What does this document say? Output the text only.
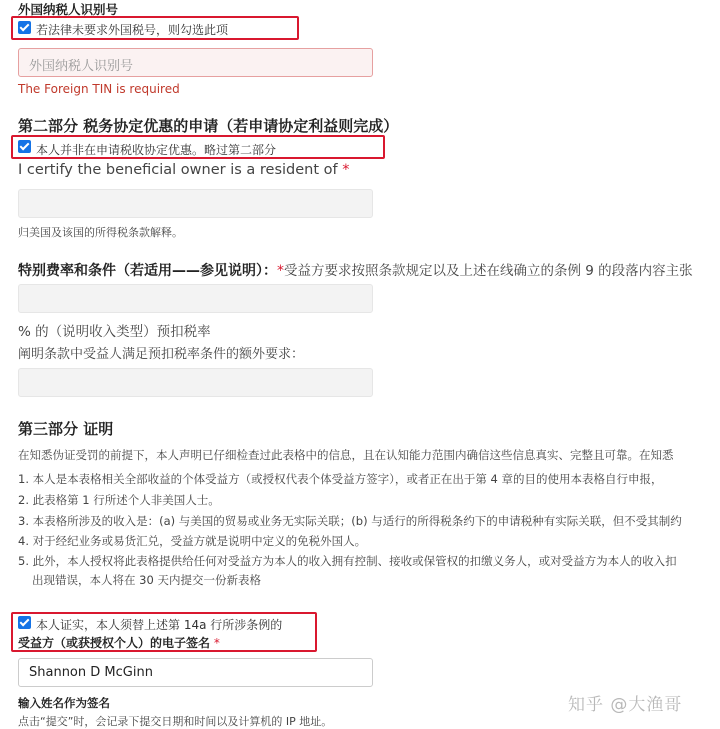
外国纳税人识别号
若法律未要求外国税号，则勾选此项
外国纳税人识别号
The Foreign TIN is required
第二部分 税务协定优惠的申请（若申请协定利益则完成）
本人并非在申请税收协定优惠。略过第二部分
I certify the beneficial owner is a resident of *
归美国及该国的所得税条款解释。
特别费率和条件（若适用——参见说明）：*受益方要求按照条款规定以及上述在线确立的条例 9 的段落内容主张
% 的（说明收入类型）预扣税率
阐明条款中受益人满足预扣税率条件的额外要求：
第三部分 证明
在知悉伪证受罚的前提下，本人声明已仔细检查过此表格中的信息，且在认知能力范围内确信这些信息真实、完整且可靠。在知悉
1. 本人是本表格相关全部收益的个体受益方（或授权代表个体受益方签字），或者正在出于第 4 章的目的使用本表格自行申报，
2. 此表格第 1 行所述个人非美国人士。
3. 本表格所涉及的收入是：(a) 与美国的贸易或业务无实际关联；(b) 与适行的所得税条约下的申请税种有实际关联，但不受其制约
4. 对于经纪业务或易货汇兑，受益方就是说明中定义的免税外国人。
5. 此外，本人授权将此表格提供给任何对受益方为本人的收入拥有控制、接收或保管权的扣缴义务人，或对受益方为本人的收入扣
出现错误，本人将在 30 天内提交一份新表格
本人证实，本人须替上述第 14a 行所涉条例的
受益方（或获授权个人）的电子签名 *
Shannon D McGinn
输入姓名作为签名
点击“提交”时，会记录下提交日期和时间以及计算机的 IP 地址。
知乎 @大渔哥
